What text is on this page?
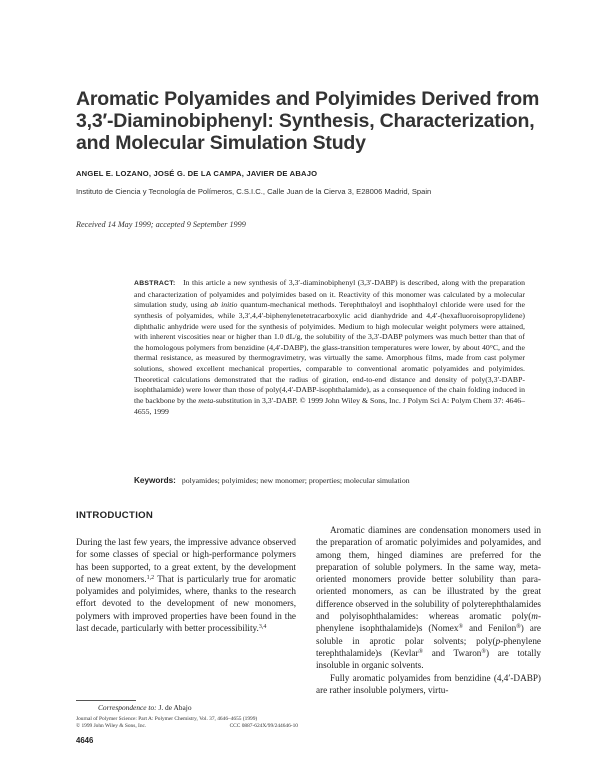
Aromatic Polyamides and Polyimides Derived from 3,3′-Diaminobiphenyl: Synthesis, Characterization, and Molecular Simulation Study
ANGEL E. LOZANO, JOSÉ G. DE LA CAMPA, JAVIER DE ABAJO
Instituto de Ciencia y Tecnología de Polímeros, C.S.I.C., Calle Juan de la Cierva 3, E28006 Madrid, Spain
Received 14 May 1999; accepted 9 September 1999

ABSTRACT: In this article a new synthesis of 3,3′-diaminobiphenyl (3,3′-DABP) is described, along with the preparation and characterization of polyamides and polyimides based on it. Reactivity of this monomer was calculated by a molecular simulation study, using ab initio quantum-mechanical methods. Terephthaloyl and isophthaloyl chloride were used for the synthesis of polyamides, while 3,3′,4,4′-biphenylenetetracarboxylic acid dianhydride and 4,4′-(hexafluoroisopropylidene) diphthalic anhydride were used for the synthesis of polyimides. Medium to high molecular weight polymers were attained, with inherent viscosities near or higher than 1.0 dL/g, the solubility of the 3,3′-DABP polymers was much better than that of the homologous polymers from benzidine (4,4′-DABP), the glass-transition temperatures were lower, by about 40°C, and the thermal resistance, as measured by thermogravimetry, was virtually the same. Amorphous films, made from cast polymer solutions, showed excellent mechanical properties, comparable to conventional aromatic polyamides and polyimides. Theoretical calculations demonstrated that the radius of giration, end-to-end distance and density of poly(3,3′-DABP-isophthalamide) were lower than those of poly(4,4′-DABP-isophthalamide), as a consequence of the chain folding induced in the backbone by the meta-substitution in 3,3′-DABP. © 1999 John Wiley & Sons, Inc. J Polym Sci A: Polym Chem 37: 4646–4655, 1999

Keywords: polyamides; polyimides; new monomer; properties; molecular simulation
INTRODUCTION

During the last few years, the impressive advance observed for some classes of special or high-performance polymers has been supported, to a great extent, by the development of new monomers.$^{1,2}$ That is particularly true for aromatic polyamides and polyimides, where, thanks to the research effort devoted to the development of new monomers, polymers with improved properties have been found in the last decade, particularly with better processibility.$^{3,4}$

Aromatic diamines are condensation monomers used in the preparation of aromatic polyimides and polyamides, and among them, hinged diamines are preferred for the preparation of soluble polymers. In the same way, meta-oriented monomers provide better solubility than para-oriented monomers, as can be illustrated by the great difference observed in the solubility of polyterephthalamides and polyisophthalamides: whereas aromatic poly(m-phenylene isophthalamide)s (Nomex® and Fenilon®) are soluble in aprotic polar solvents; poly(p-phenylene terephthalamide)s (Kevlar® and Twaron®) are totally insoluble in organic solvents.

Fully aromatic polyamides from benzidine (4,4′-DABP) are rather insoluble polymers, virtu-

Correspondence to: J. de Abajo
Journal of Polymer Science: Part A: Polymer Chemistry, Vol. 37, 4646–4655 (1999)
© 1999 John Wiley & Sons, Inc.	CCC 0887-624X/99/244646-10
4646
